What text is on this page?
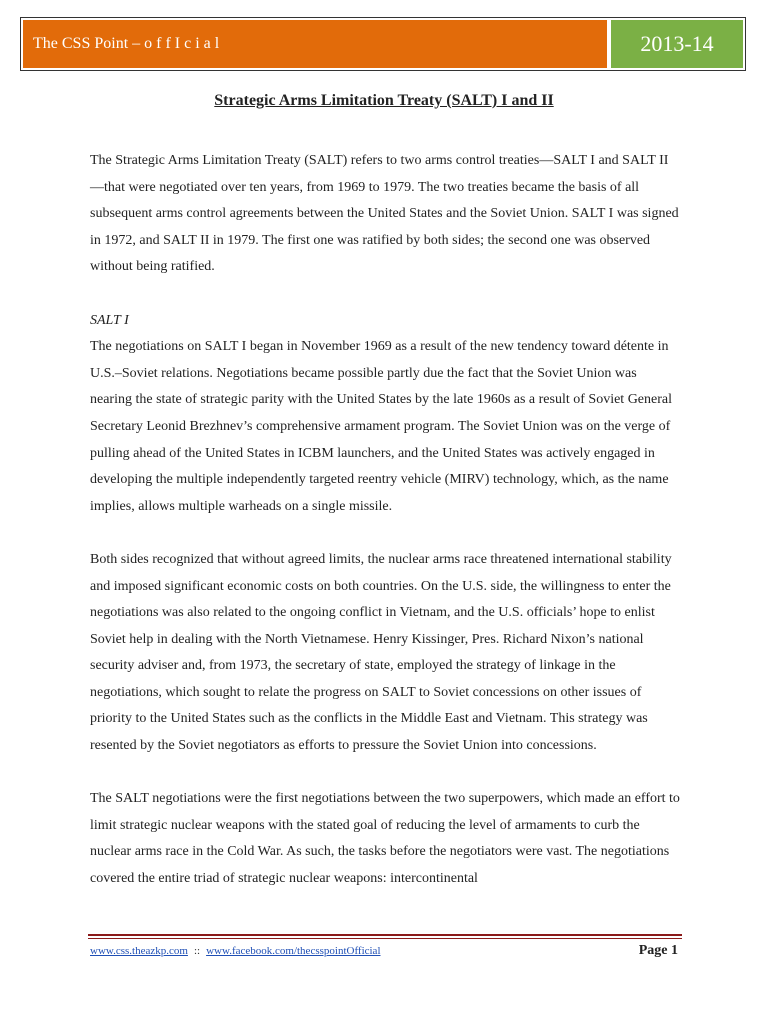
The CSS Point – o f f I c i a l	2013-14
Strategic Arms Limitation Treaty (SALT) I and II

The Strategic Arms Limitation Treaty (SALT) refers to two arms control treaties—SALT I and SALT II—that were negotiated over ten years, from 1969 to 1979. The two treaties became the basis of all subsequent arms control agreements between the United States and the Soviet Union. SALT I was signed in 1972, and SALT II in 1979. The first one was ratified by both sides; the second one was observed without being ratified.

SALT I

The negotiations on SALT I began in November 1969 as a result of the new tendency toward détente in U.S.–Soviet relations. Negotiations became possible partly due the fact that the Soviet Union was nearing the state of strategic parity with the United States by the late 1960s as a result of Soviet General Secretary Leonid Brezhnev’s comprehensive armament program. The Soviet Union was on the verge of pulling ahead of the United States in ICBM launchers, and the United States was actively engaged in developing the multiple independently targeted reentry vehicle (MIRV) technology, which, as the name implies, allows multiple warheads on a single missile.

Both sides recognized that without agreed limits, the nuclear arms race threatened international stability and imposed significant economic costs on both countries. On the U.S. side, the willingness to enter the negotiations was also related to the ongoing conflict in Vietnam, and the U.S. officials’ hope to enlist Soviet help in dealing with the North Vietnamese. Henry Kissinger, Pres. Richard Nixon’s national security adviser and, from 1973, the secretary of state, employed the strategy of linkage in the negotiations, which sought to relate the progress on SALT to Soviet concessions on other issues of priority to the United States such as the conflicts in the Middle East and Vietnam. This strategy was resented by the Soviet negotiators as efforts to pressure the Soviet Union into concessions.

The SALT negotiations were the first negotiations between the two superpowers, which made an effort to limit strategic nuclear weapons with the stated goal of reducing the level of armaments to curb the nuclear arms race in the Cold War. As such, the tasks before the negotiators were vast. The negotiations covered the entire triad of strategic nuclear weapons: intercontinental

www.css.theazkp.com :: www.facebook.com/thecsspointOfficial	Page 1
